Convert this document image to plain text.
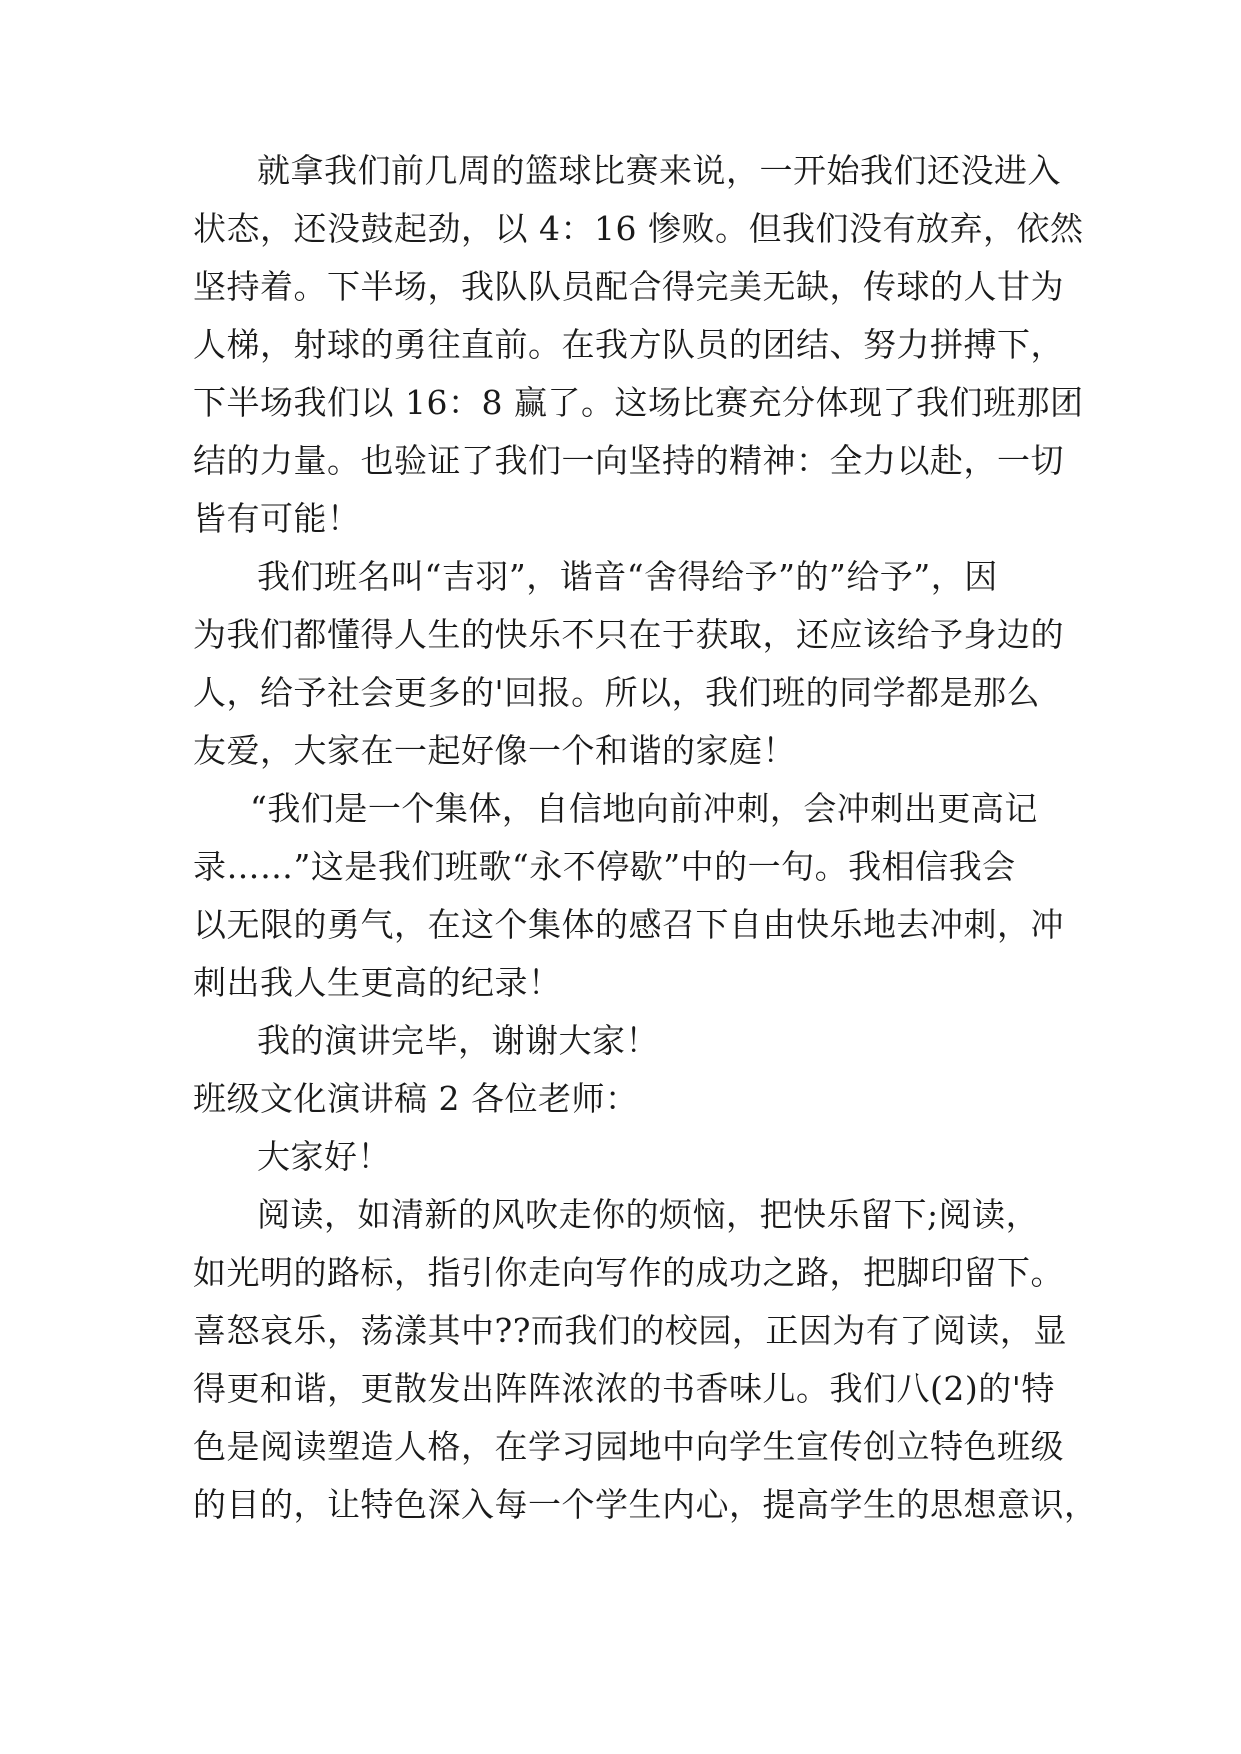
就拿我们前几周的篮球比赛来说，一开始我们还没进入
状态，还没鼓起劲，以 4：16 惨败。但我们没有放弃，依然
坚持着。下半场，我队队员配合得完美无缺，传球的人甘为
人梯，射球的勇往直前。在我方队员的团结、努力拼搏下，
下半场我们以 16：8 赢了。这场比赛充分体现了我们班那团
结的力量。也验证了我们一向坚持的精神：全力以赴，一切
皆有可能！
我们班名叫“吉羽”，谐音“舍得给予”的”给予”，因
为我们都懂得人生的快乐不只在于获取，还应该给予身边的
人，给予社会更多的'回报。所以，我们班的同学都是那么
友爱，大家在一起好像一个和谐的家庭！
“我们是一个集体，自信地向前冲刺，会冲刺出更高记
录……”这是我们班歌“永不停歇”中的一句。我相信我会
以无限的勇气，在这个集体的感召下自由快乐地去冲刺，冲
刺出我人生更高的纪录！
我的演讲完毕，谢谢大家！
班级文化演讲稿 2 各位老师：
大家好！
阅读，如清新的风吹走你的烦恼，把快乐留下;阅读，
如光明的路标，指引你走向写作的成功之路，把脚印留下。
喜怒哀乐，荡漾其中??而我们的校园，正因为有了阅读，显
得更和谐，更散发出阵阵浓浓的书香味儿。我们八(2)的'特
色是阅读塑造人格，在学习园地中向学生宣传创立特色班级
的目的，让特色深入每一个学生内心，提高学生的思想意识，
